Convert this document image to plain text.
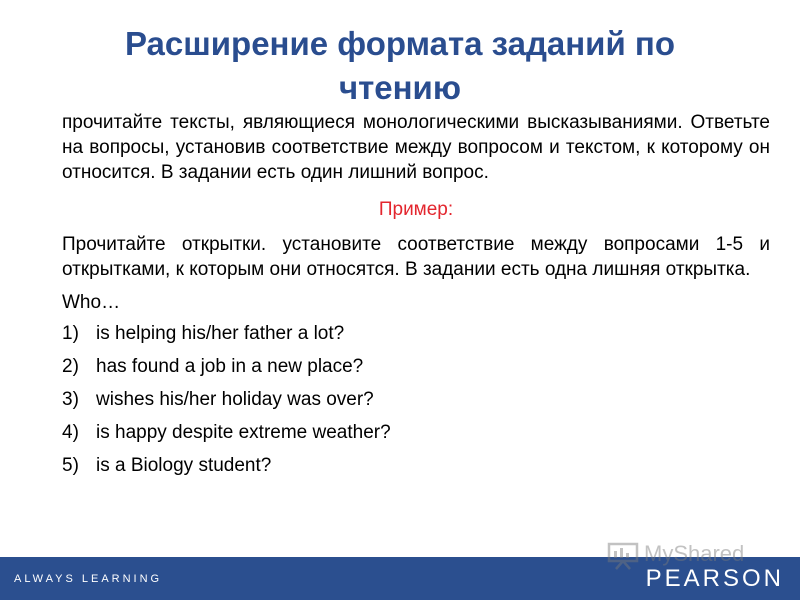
Расширение формата заданий по чтению

прочитайте тексты, являющиеся монологическими высказываниями. Ответьте на вопросы, установив соответствие между вопросом и текстом, к которому он относится. В задании есть один лишний вопрос.

Пример:

Прочитайте открытки. установите соответствие между вопросами 1-5 и открытками, к которым они относятся. В задании есть одна лишняя открытка.

Who…
1) is helping his/her father a lot?
2) has found a job in a new place?
3) wishes his/her holiday was over?
4) is happy despite extreme weather?
5) is a Biology student?
ALWAYS LEARNING	PEARSON
MyShared
